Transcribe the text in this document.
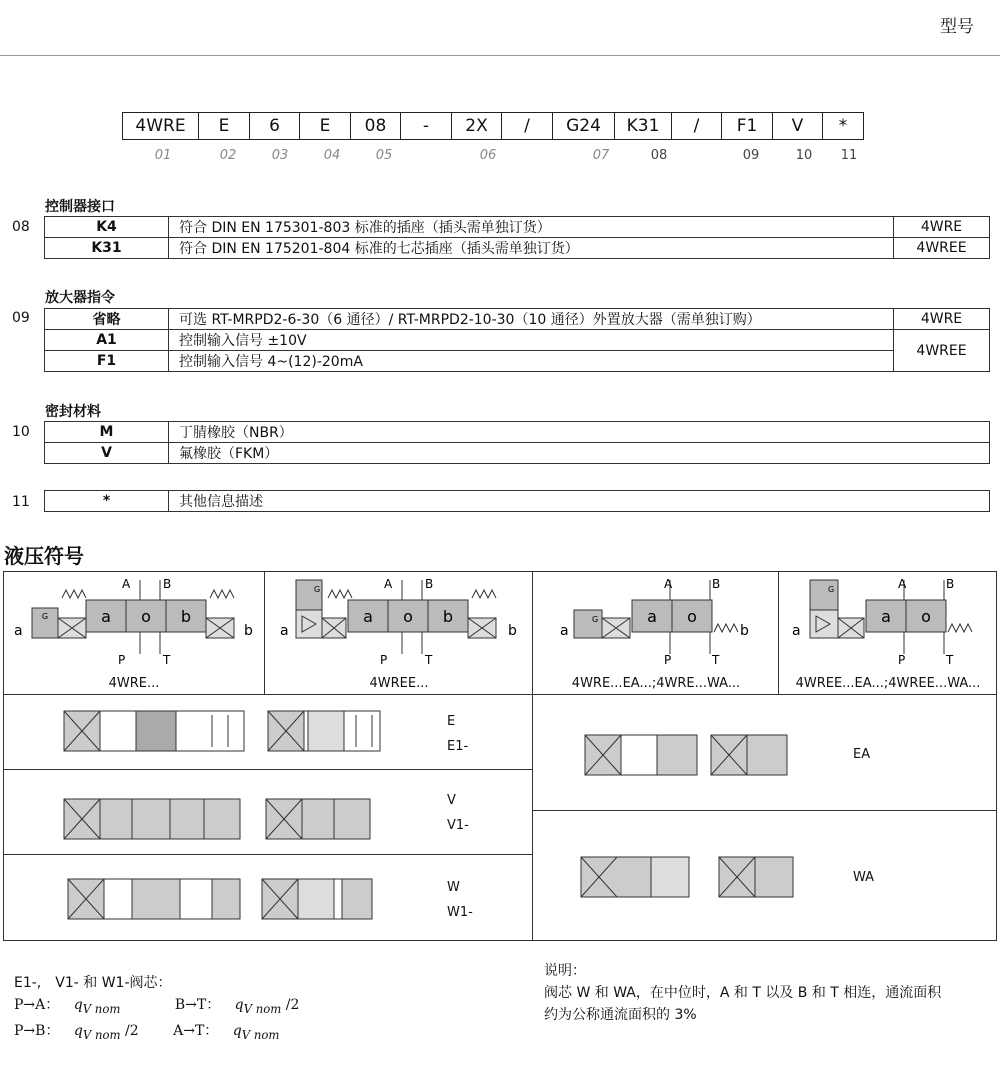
型号
4WRE	E	6	E	08	-	2X	/	G24	K31	/	F1	V	*
01	02	03	04	05	06	07	08	09	10	11
控制器接口
08	K4	符合 DIN EN 175301-803 标准的插座（插头需单独订货）	4WRE
K31	符合 DIN EN 175201-804 标准的七芯插座（插头需单独订货）	4WREE
放大器指令
09	省略	可选 RT-MRPD2-6-30（6 通径）/ RT-MRPD2-10-30（10 通径）外置放大器（需单独订购）	4WRE
A1	控制输入信号 ±10V	4WREE
F1	控制输入信号 4~(12)-20mA	
密封材料
10	M	丁腈橡胶（NBR）
V	氟橡胶（FKM）
11	*	其他信息描述
液压符号
a
G	a o b
A	B
P	T
b
4WRE...
a
G
a o b
A	B
P	T
b
4WREE...
a
G	a o
A	B
P	T
b
4WRE...EA...;4WRE...WA...
a
G
a o
A	B
P	T
4WREE...EA...;4WREE...WA...
E
E1-
V
V1-
W
W1-
EA
WA
E1-,　V1- 和 W1-阀芯：
P→A： $q_{V nom}$	B→T： $q_{V nom}$ /2
P→B： $q_{V nom}$ /2 A→T： $q_{V nom}$
说明：
阀芯 W 和 WA，在中位时，A 和 T 以及 B 和 T 相连，通流面积
约为公称通流面积的 3%
